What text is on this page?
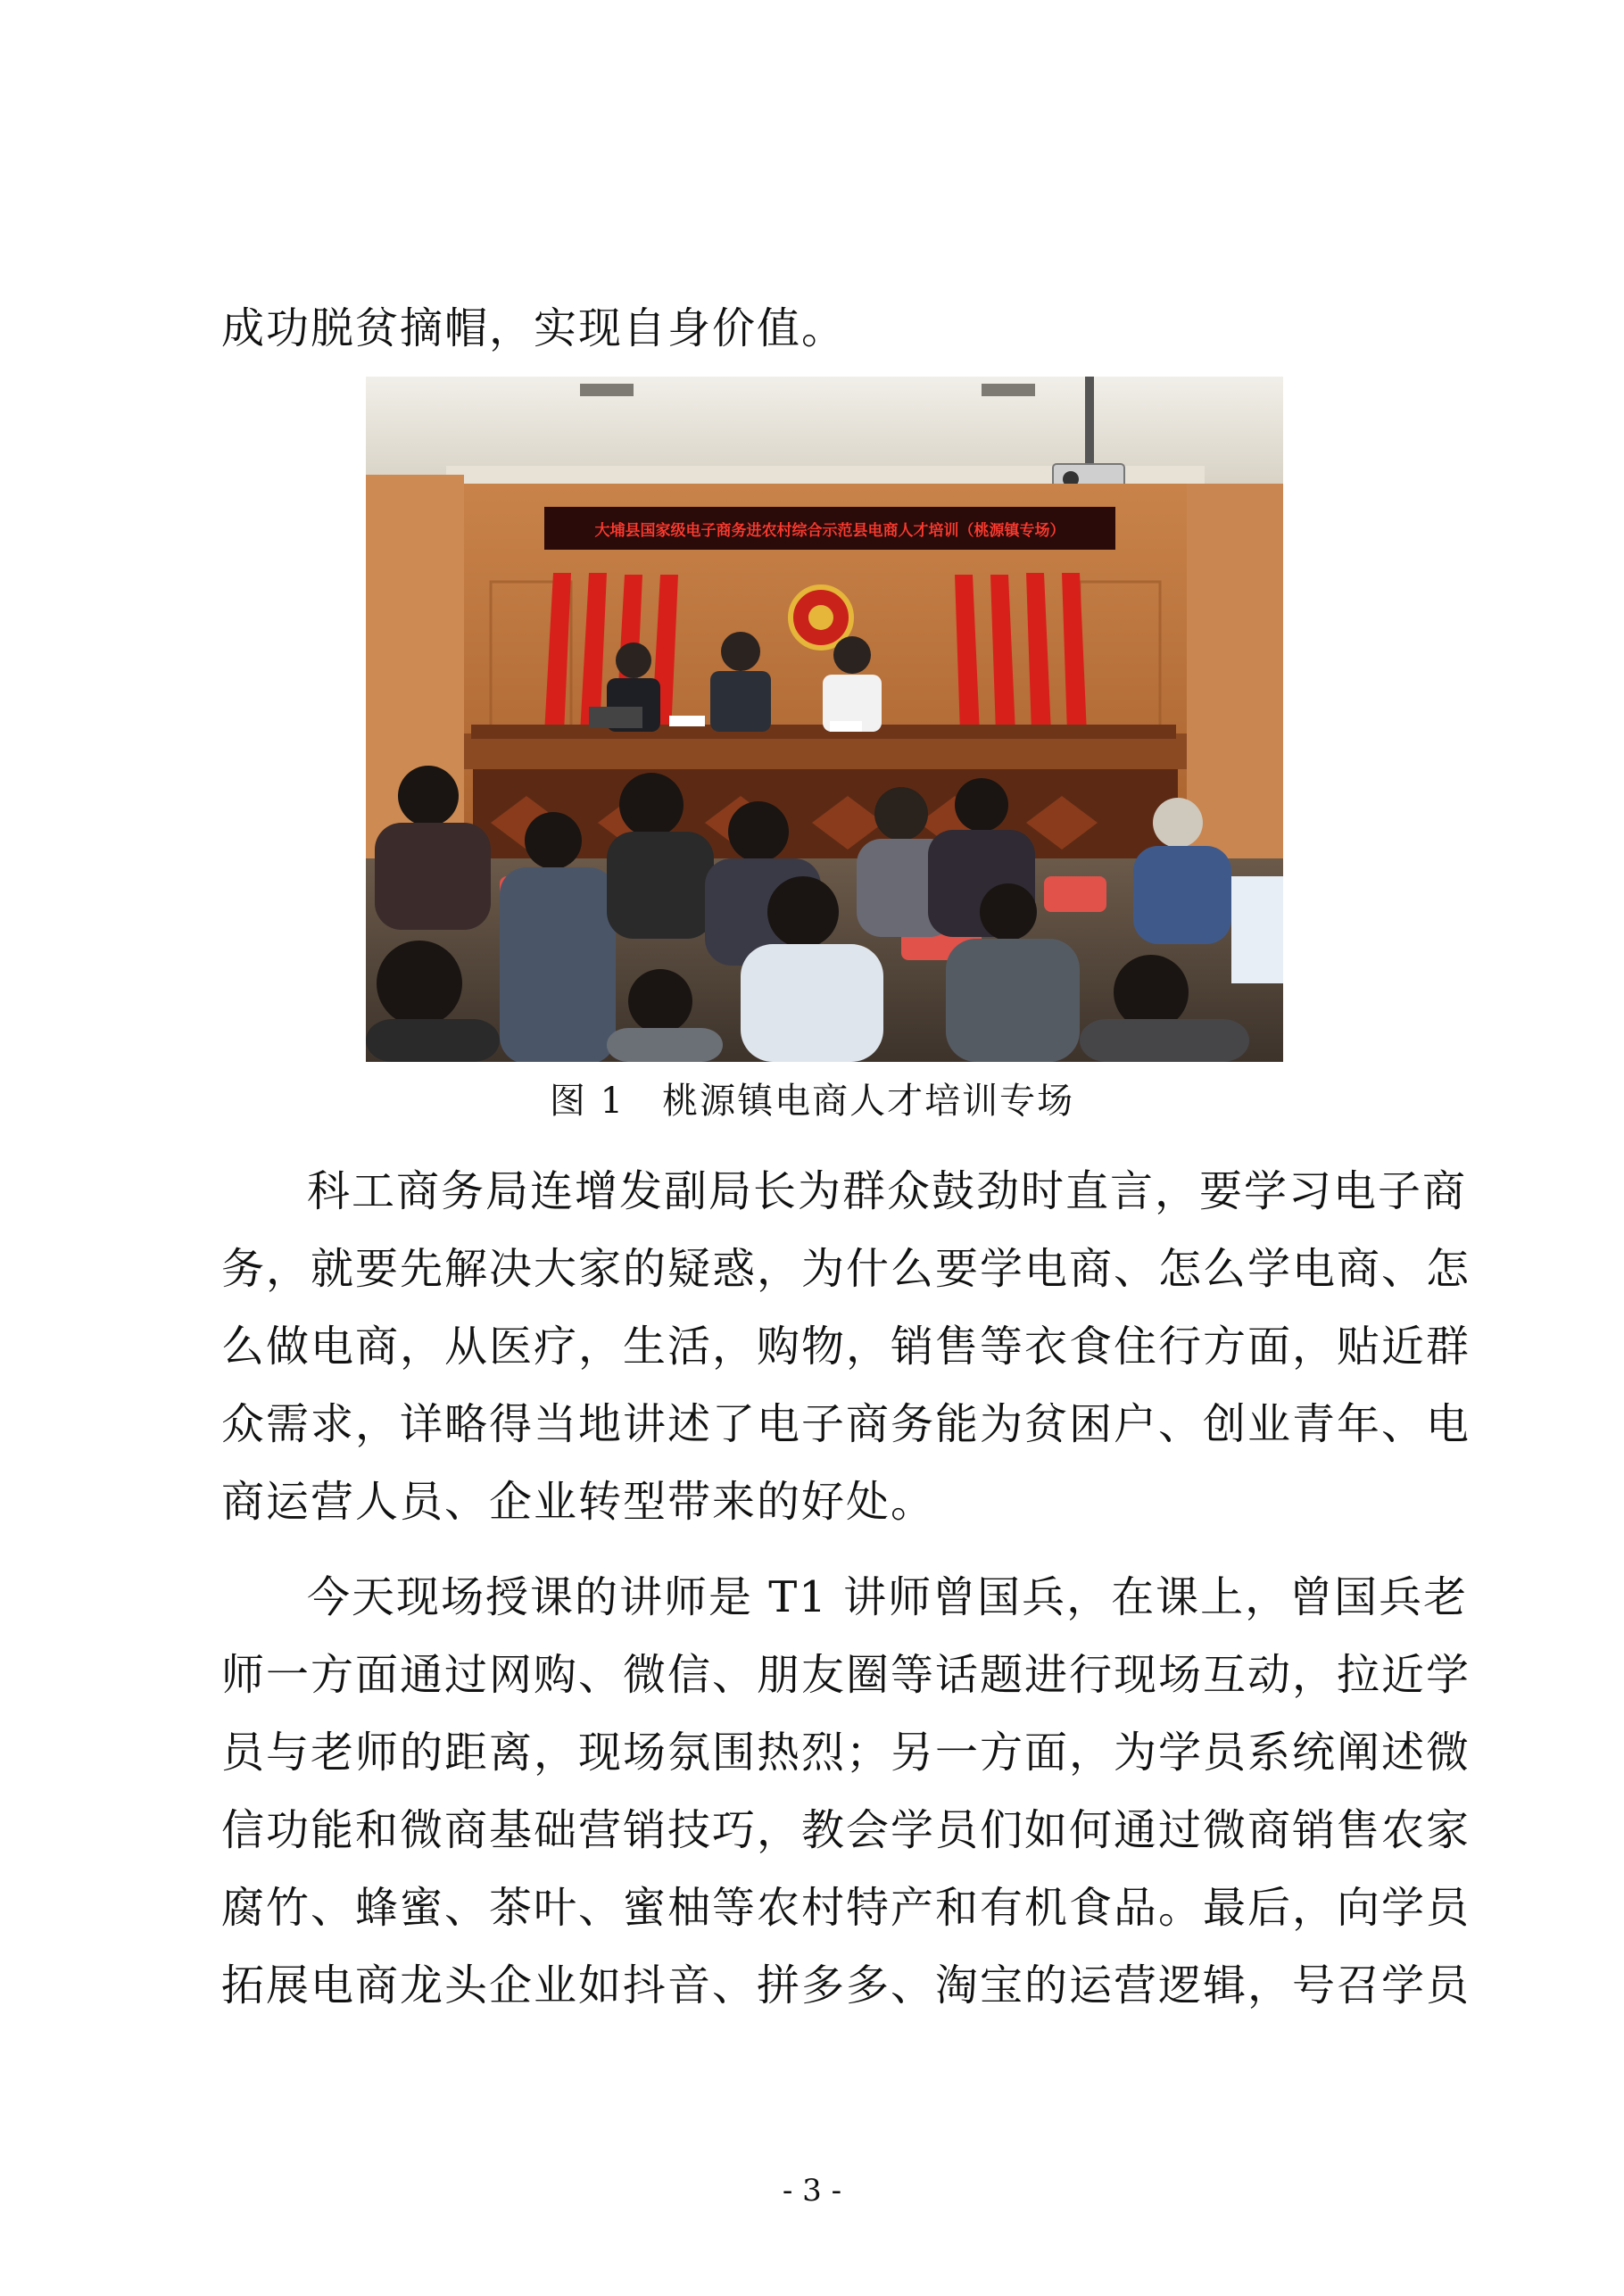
成功脱贫摘帽，实现自身价值。
大埔县国家级电子商务进农村综合示范县电商人才培训（桃源镇专场）
图 1　桃源镇电商人才培训专场
科工商务局连增发副局长为群众鼓劲时直言，要学习电子商
务，就要先解决大家的疑惑，为什么要学电商、怎么学电商、怎
么做电商，从医疗，生活，购物，销售等衣食住行方面，贴近群
众需求，详略得当地讲述了电子商务能为贫困户、创业青年、电
商运营人员、企业转型带来的好处。
今天现场授课的讲师是 T1 讲师曾国兵，在课上，曾国兵老
师一方面通过网购、微信、朋友圈等话题进行现场互动，拉近学
员与老师的距离，现场氛围热烈；另一方面，为学员系统阐述微
信功能和微商基础营销技巧，教会学员们如何通过微商销售农家
腐竹、蜂蜜、茶叶、蜜柚等农村特产和有机食品。最后，向学员
拓展电商龙头企业如抖音、拼多多、淘宝的运营逻辑，号召学员
- 3 -
